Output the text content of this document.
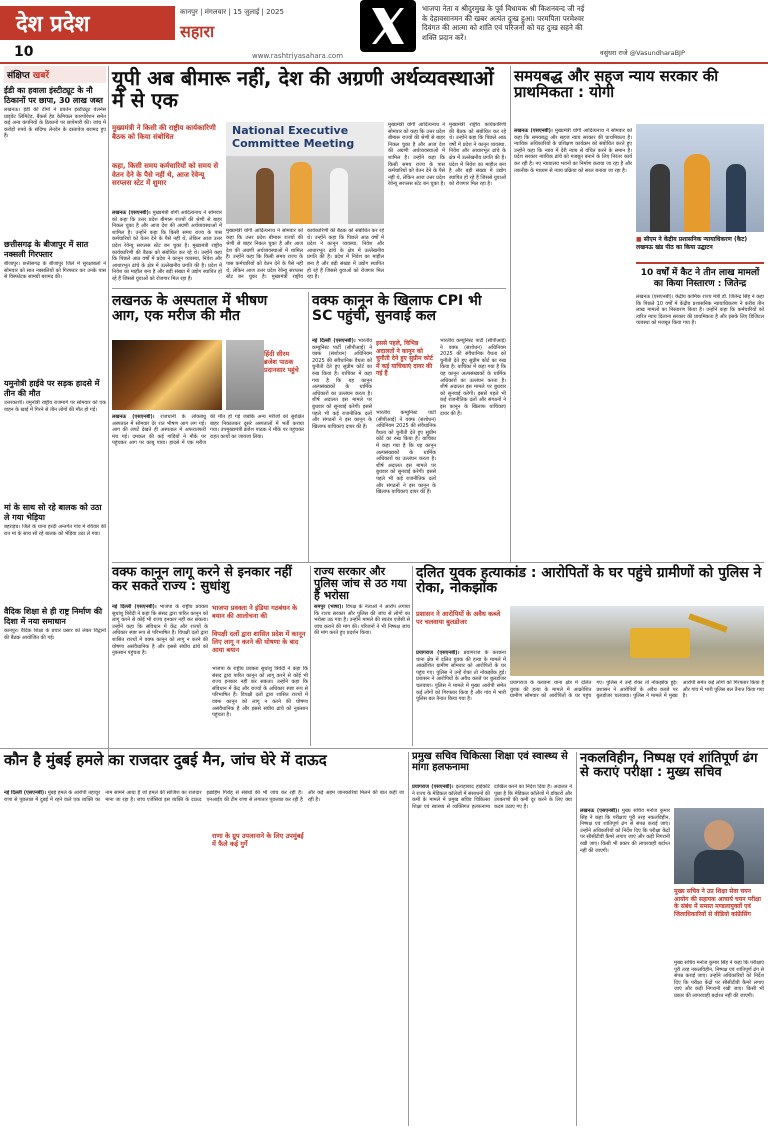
देश प्रदेश
10
कानपुर | मंगलवार | 15 जुलाई | 2025
सहारा
www.rashtriyasahara.com
भाजपा नेता व श्रीदुरमुख के पूर्व विधायक श्री किशनवन्द जी नई
के देहावसानमन की खबर अत्यंत दुःख हुआ। परमपिता परमेश्वर
दिवंगत की आत्मा को शांति एवं परिजनों को यह दुःख सहने की
शक्ति प्रदान करें।
वसुंधरा राजे @VasundharaBJP
संक्षिप्त खबरें
ईडी का हवाला इंस्टीट्यूट के नौ ठिकानों पर छापा, 30 लाख जब्त
लखनऊ। ईडी की टीमों ने प्रवर्तन इंस्टीट्यूट वेलनेस प्राइवेट लिमिटेड, बैंकर्स हेड केमिकल कारपोरेशन समेत कई अन्य कंपनियों के ठिकानों पर छापेमारी की। जांच में करोड़ों रुपये के संदिग्ध लेनदेन के दस्तावेज बरामद हुए हैं।
छत्तीसगढ़ के बीजापुर में सात नक्सली गिरफ्तार
बीजापुर। छत्तीसगढ़ के बीजापुर जिले में सुरक्षाबलों ने सोमवार को सात नक्सलियों को गिरफ्तार कर उनके पास से विस्फोटक सामग्री बरामद की।
यमुनोत्री हाईवे पर सड़क हादसे में तीन की मौत
उत्तरकाशी। यमुनोत्री राष्ट्रीय राजमार्ग पर सोमवार को एक वाहन के खाई में गिरने से तीन लोगों की मौत हो गई।
मां के साथ सो रहे बालक को उठा ले गया भेड़िया
बहराइच। जिले के थाना हरदी अन्तर्गत गांव में रविवार की रात मां के साथ सो रहे बालक को भेड़िया उठा ले गया।
वैदिक शिक्षा से ही राष्ट्र निर्माण की दिशा में नया समाधान
कानपुर। वैदिक शिक्षा के प्रचार प्रसार को लेकर विद्वानों की बैठक आयोजित की गई।
यूपी अब बीमारू नहीं, देश की अग्रणी अर्थव्यवस्थाओं में से एक
मुख्यमंत्री ने किसी की राष्ट्रीय कार्यकारिणी बैठक को किया संबोधित
कहा, किसी समय कर्मचारियों को समय से वेतन देने के पैसे नहीं थे, आज रेवेन्यू सरप्लस स्टेट में शुमार
लखनऊ (एसएनबी)। मुख्यमंत्री योगी आदित्यनाथ ने सोमवार को कहा कि उत्तर प्रदेश बीमारू राज्यों की श्रेणी से बाहर निकल चुका है और आज देश की अग्रणी अर्थव्यवस्थाओं में शामिल है। उन्होंने कहा कि किसी समय राज्य के पास कर्मचारियों को वेतन देने के पैसे नहीं थे, लेकिन आज उत्तर प्रदेश रेवेन्यू सरप्लस स्टेट बन चुका है। मुख्यमंत्री राष्ट्रीय कार्यकारिणी की बैठक को संबोधित कर रहे थे। उन्होंने कहा कि पिछले आठ वर्षों में प्रदेश ने कानून व्यवस्था, निवेश और आधारभूत ढांचे के क्षेत्र में उल्लेखनीय प्रगति की है। प्रदेश में निवेश का माहौल बना है और बड़ी संख्या में उद्योग स्थापित हो रहे हैं जिससे युवाओं को रोजगार मिल रहा है।
National Executive Committee Meeting
मुख्यमंत्री योगी आदित्यनाथ ने सोमवार को कहा कि उत्तर प्रदेश बीमारू राज्यों की श्रेणी से बाहर निकल चुका है और आज देश की अग्रणी अर्थव्यवस्थाओं में शामिल है। उन्होंने कहा कि किसी समय राज्य के पास कर्मचारियों को वेतन देने के पैसे नहीं थे, लेकिन आज उत्तर प्रदेश रेवेन्यू सरप्लस स्टेट बन चुका है। मुख्यमंत्री राष्ट्रीय कार्यकारिणी की बैठक को संबोधित कर रहे थे। उन्होंने कहा कि पिछले आठ वर्षों में प्रदेश ने कानून व्यवस्था, निवेश और आधारभूत ढांचे के क्षेत्र में उल्लेखनीय प्रगति की है। प्रदेश में निवेश का माहौल बना है और बड़ी संख्या में उद्योग स्थापित हो रहे हैं जिससे युवाओं को रोजगार मिल रहा है।
मुख्यमंत्री योगी आदित्यनाथ ने सोमवार को कहा कि उत्तर प्रदेश बीमारू राज्यों की श्रेणी से बाहर निकल चुका है और आज देश की अग्रणी अर्थव्यवस्थाओं में शामिल है। उन्होंने कहा कि किसी समय राज्य के पास कर्मचारियों को वेतन देने के पैसे नहीं थे, लेकिन आज उत्तर प्रदेश रेवेन्यू सरप्लस स्टेट बन चुका है। मुख्यमंत्री राष्ट्रीय कार्यकारिणी की बैठक को संबोधित कर रहे थे। उन्होंने कहा कि पिछले आठ वर्षों में प्रदेश ने कानून व्यवस्था, निवेश और आधारभूत ढांचे के क्षेत्र में उल्लेखनीय प्रगति की है। प्रदेश में निवेश का माहौल बना है और बड़ी संख्या में उद्योग स्थापित हो रहे हैं जिससे युवाओं को रोजगार मिल रहा है।
समयबद्ध और सहज न्याय सरकार की प्राथमिकता : योगी
लखनऊ (एसएनबी)। मुख्यमंत्री योगी आदित्यनाथ ने सोमवार को कहा कि समयबद्ध और सहज न्याय सरकार की प्राथमिकता है। न्यायिक अधिकारियों के प्रशिक्षण कार्यक्रम को संबोधित करते हुए उन्होंने कहा कि न्याय में देरी न्याय से वंचित करने के समान है। प्रदेश सरकार न्यायिक ढांचे को मजबूत बनाने के लिए निरंतर कार्य कर रही है। नए न्यायालय भवनों का निर्माण कराया जा रहा है और तकनीक के माध्यम से न्याय प्रक्रिया को सरल बनाया जा रहा है।
■ सीएम ने केंद्रीय प्रशासनिक न्यायाधिकरण (कैट) लखनऊ खंड पीठ का किया उद्घाटन
10 वर्षों में कैट ने तीन लाख मामलों का किया निस्तारण : जितेन्द्र
लखनऊ (एसएनबी)। केंद्रीय कार्मिक राज्य मंत्री डॉ. जितेन्द्र सिंह ने कहा कि पिछले 10 वर्षों में केंद्रीय प्रशासनिक न्यायाधिकरण ने करीब तीन लाख मामलों का निस्तारण किया है। उन्होंने कहा कि कर्मचारियों को त्वरित न्याय दिलाना सरकार की प्राथमिकता है और इसके लिए डिजिटल व्यवस्था को मजबूत किया गया है।
लखनऊ के अस्पताल में भीषण आग, एक मरीज की मौत
हिंदी सीरम ब्रजेश पाठक प्रदानसार पहुंचे
लखनऊ (एसएनबी)। राजधानी के लोकबंधु अस्पताल में सोमवार देर रात भीषण आग लग गई। आग की लपटें देखते ही अस्पताल में अफरातफरी मच गई। दमकल की कई गाड़ियों ने मौके पर पहुंचकर आग पर काबू पाया। हादसे में एक मरीज की मौत हो गई जबकि अन्य मरीजों को सुरक्षित बाहर निकालकर दूसरे अस्पतालों में भर्ती कराया गया। उपमुख्यमंत्री ब्रजेश पाठक ने मौके पर पहुंचकर राहत कार्यों का जायजा लिया।
वक्फ कानून के खिलाफ CPI भी SC पहुंची, सुनवाई कल
नई दिल्ली (एसएनबी)। भारतीय कम्युनिस्ट पार्टी (सीपीआई) ने वक्फ (संशोधन) अधिनियम 2025 की संवैधानिक वैधता को चुनौती देते हुए सुप्रीम कोर्ट का रुख किया है। याचिका में कहा गया है कि यह कानून अल्पसंख्यकों के धार्मिक अधिकारों का उल्लंघन करता है। शीर्ष अदालत इस मामले पर बुधवार को सुनवाई करेगी। इससे पहले भी कई राजनीतिक दलों और संगठनों ने इस कानून के खिलाफ याचिकाएं दायर की हैं।
इससे पहले, विभिन्न अदालतों ने कानून को चुनौती देने हुए सुप्रीम कोर्ट में कई याचिकाएं दायर की गई हैं
भारतीय कम्युनिस्ट पार्टी (सीपीआई) ने वक्फ (संशोधन) अधिनियम 2025 की संवैधानिक वैधता को चुनौती देते हुए सुप्रीम कोर्ट का रुख किया है। याचिका में कहा गया है कि यह कानून अल्पसंख्यकों के धार्मिक अधिकारों का उल्लंघन करता है। शीर्ष अदालत इस मामले पर बुधवार को सुनवाई करेगी। इससे पहले भी कई राजनीतिक दलों और संगठनों ने इस कानून के खिलाफ याचिकाएं दायर की हैं।
भारतीय कम्युनिस्ट पार्टी (सीपीआई) ने वक्फ (संशोधन) अधिनियम 2025 की संवैधानिक वैधता को चुनौती देते हुए सुप्रीम कोर्ट का रुख किया है। याचिका में कहा गया है कि यह कानून अल्पसंख्यकों के धार्मिक अधिकारों का उल्लंघन करता है। शीर्ष अदालत इस मामले पर बुधवार को सुनवाई करेगी। इससे पहले भी कई राजनीतिक दलों और संगठनों ने इस कानून के खिलाफ याचिकाएं दायर की हैं।
वक्फ कानून लागू करने से इनकार नहीं कर सकते राज्य : सुधांशु
भाजपा प्रवक्ता ने इंडिया गठबंधन के बयान की आलोचना की
विपक्षी दलों द्वारा शासित प्रदेश में कानून लिए लागू न करने की घोषणा के बाद आया बयान
नई दिल्ली (एसएनबी)। भाजपा के राष्ट्रीय प्रवक्ता सुधांशु त्रिवेदी ने कहा कि संसद द्वारा पारित कानून को लागू करने से कोई भी राज्य इनकार नहीं कर सकता। उन्होंने कहा कि संविधान में केंद्र और राज्यों के अधिकार स्पष्ट रूप से परिभाषित हैं। विपक्षी दलों द्वारा शासित राज्यों में वक्फ कानून को लागू न करने की घोषणा असंवैधानिक है और इससे संघीय ढांचे को नुकसान पहुंचता है।
भाजपा के राष्ट्रीय प्रवक्ता सुधांशु त्रिवेदी ने कहा कि संसद द्वारा पारित कानून को लागू करने से कोई भी राज्य इनकार नहीं कर सकता। उन्होंने कहा कि संविधान में केंद्र और राज्यों के अधिकार स्पष्ट रूप से परिभाषित हैं। विपक्षी दलों द्वारा शासित राज्यों में वक्फ कानून को लागू न करने की घोषणा असंवैधानिक है और इससे संघीय ढांचे को नुकसान पहुंचता है।
राज्य सरकार और पुलिस जांच से उठ गया है भरोसा
समपुर (भाषा)। विपक्ष के नेताओं ने आरोप लगाया कि राज्य सरकार और पुलिस की जांच से लोगों का भरोसा उठ गया है। उन्होंने मामले की स्वतंत्र एजेंसी से जांच कराने की मांग की। परिजनों ने भी निष्पक्ष जांच की मांग करते हुए प्रदर्शन किया।
दलित युवक हत्याकांड : आरोपितों के घर पहुंचे ग्रामीणों को पुलिस ने रोका, नोकझोंक
प्रशासन ने आरोपियों के अवैध कब्जे पर चलवाया बुलडोजर
प्रयागराज (एसएनबी)। प्रयागराज के करछना थाना क्षेत्र में दलित युवक की हत्या के मामले में आक्रोशित ग्रामीण सोमवार को आरोपितों के घर पहुंच गए। पुलिस ने उन्हें रोका तो नोकझोंक हुई। प्रशासन ने आरोपियों के अवैध कब्जे पर बुलडोजर चलवाया। पुलिस ने मामले में मुख्य आरोपी समेत कई लोगों को गिरफ्तार किया है और गांव में भारी पुलिस बल तैनात किया गया है।
प्रयागराज के करछना थाना क्षेत्र में दलित युवक की हत्या के मामले में आक्रोशित ग्रामीण सोमवार को आरोपितों के घर पहुंच गए। पुलिस ने उन्हें रोका तो नोकझोंक हुई। प्रशासन ने आरोपियों के अवैध कब्जे पर बुलडोजर चलवाया। पुलिस ने मामले में मुख्य आरोपी समेत कई लोगों को गिरफ्तार किया है और गांव में भारी पुलिस बल तैनात किया गया है।
कौन है मुंबई हमले का राजदार दुबई मैन, जांच घेरे में दाऊद
नई दिल्ली (एसएनबी)। मुंबई हमले के आरोपी तहव्वुर राणा से पूछताछ में दुबई में रहने वाले एक व्यक्ति का नाम सामने आया है जो हमले की साजिश का राजदार माना जा रहा है। जांच एजेंसियां इस व्यक्ति के दाऊद इब्राहिम गिरोह से संबंधों की भी जांच कर रही हैं। एनआईए की टीम राणा से लगातार पूछताछ कर रही है और कई अहम जानकारियां मिलने की बात कही जा रही है।
राणा के ग्रुप उपलानाने के लिए उपमुंबई में फैले कई गुर्गे
प्रमुख सचिव चिकित्सा शिक्षा एवं स्वास्थ्य से मांगा हलफनामा
प्रयागराज (एसएनबी)। इलाहाबाद हाईकोर्ट ने राज्य के मेडिकल कॉलेजों में संसाधनों की कमी के मामले में प्रमुख सचिव चिकित्सा शिक्षा एवं स्वास्थ्य से व्यक्तिगत हलफनामा दाखिल करने का निर्देश दिया है। अदालत ने पूछा है कि मेडिकल कॉलेजों में डॉक्टरों और उपकरणों की कमी दूर करने के लिए क्या कदम उठाए गए हैं।
नकलविहीन, निष्पक्ष एवं शांतिपूर्ण ढंग से कराएं परीक्षा : मुख्य सचिव
लखनऊ (एसएनबी)। मुख्य सचिव मनोज कुमार सिंह ने कहा कि परीक्षाएं पूरी तरह नकलविहीन, निष्पक्ष एवं शांतिपूर्ण ढंग से संपन्न कराई जाएं। उन्होंने अधिकारियों को निर्देश दिए कि परीक्षा केंद्रों पर सीसीटीवी कैमरे लगाए जाएं और कड़ी निगरानी रखी जाए। किसी भी प्रकार की लापरवाही बर्दाश्त नहीं की जाएगी।
मुख्य सचिव ने उप्र शिक्षा सेवा चयन आयोग की सहायक आचार्य चयन परीक्षा के संबंध में समस्त मण्डलायुक्तों एवं जिलाधिकारियों से वीडियो कांफ्रेंसिंग
मुख्य सचिव मनोज कुमार सिंह ने कहा कि परीक्षाएं पूरी तरह नकलविहीन, निष्पक्ष एवं शांतिपूर्ण ढंग से संपन्न कराई जाएं। उन्होंने अधिकारियों को निर्देश दिए कि परीक्षा केंद्रों पर सीसीटीवी कैमरे लगाए जाएं और कड़ी निगरानी रखी जाए। किसी भी प्रकार की लापरवाही बर्दाश्त नहीं की जाएगी।
